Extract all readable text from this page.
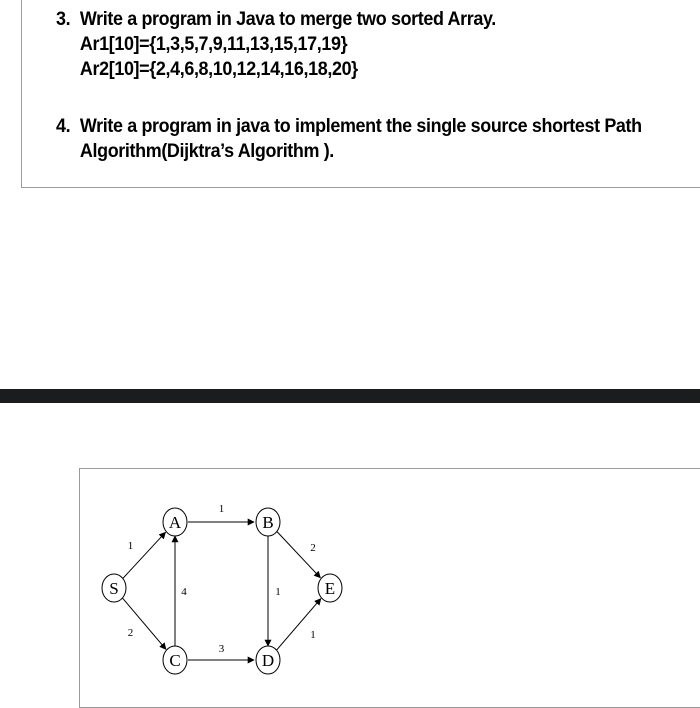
3. Write a program in Java to merge two sorted Array.
Ar1[10]={1,3,5,7,9,11,13,15,17,19}
Ar2[10]={2,4,6,8,10,12,14,16,18,20}
4. Write a program in java to implement the single source shortest Path
Algorithm(Dijktra’s Algorithm ).
1
2
1
4
3
1
2
1
S
A	B
C	D
E
